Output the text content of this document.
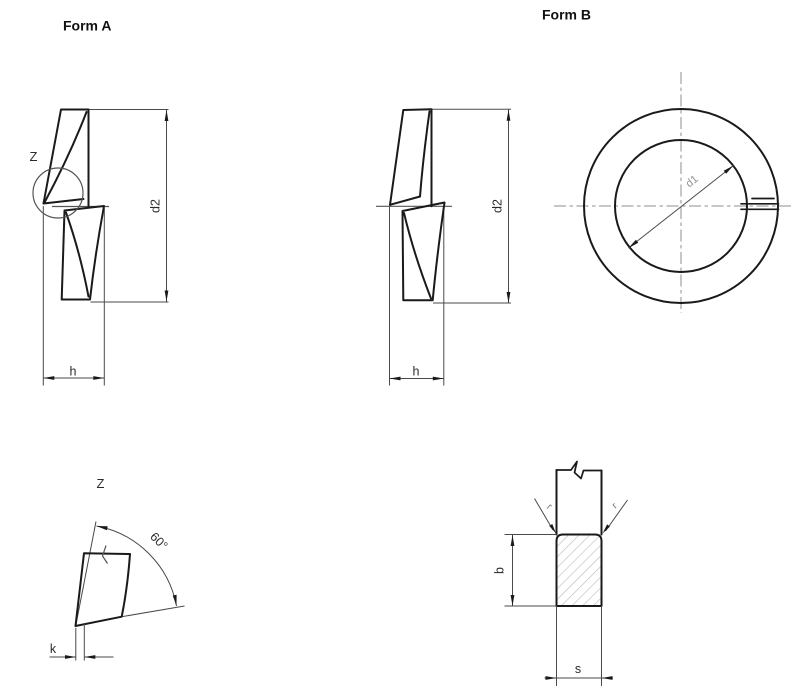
Form A
Form B
Z
d2
h
d2
h
d1
Z
60°
k
r	r
b
s
